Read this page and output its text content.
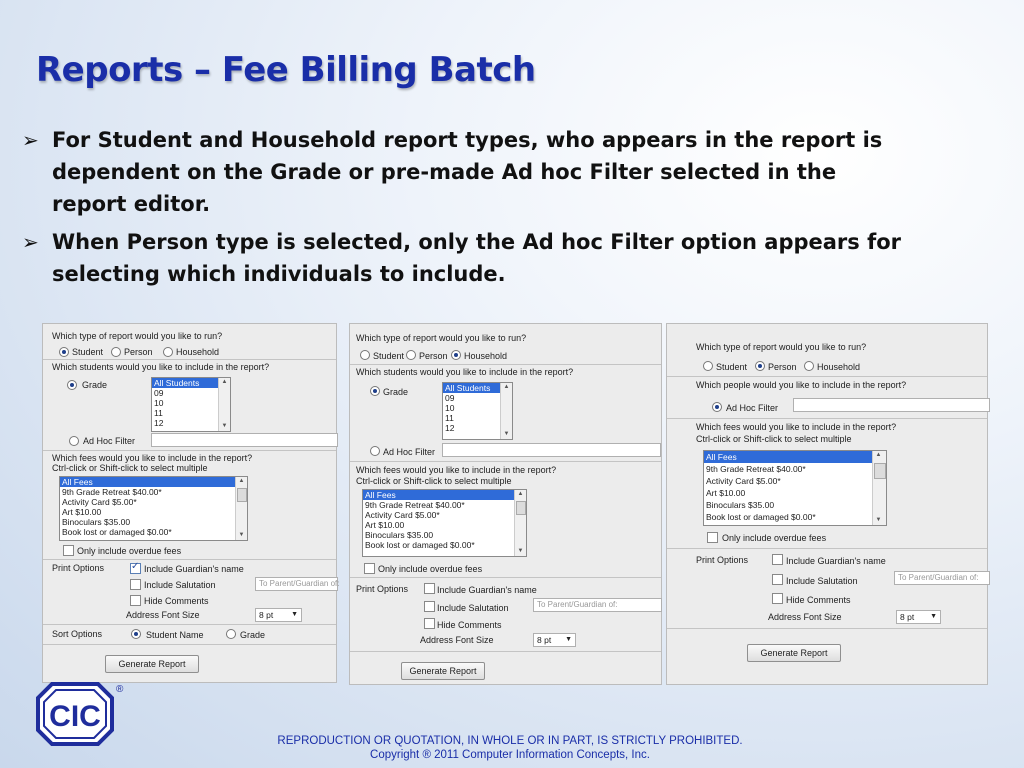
Reports – Fee Billing Batch
➢ For Student and Household report types, who appears in the report is dependent on the Grade or pre-made Ad hoc Filter selected in the report editor.
➢ When Person type is selected, only the Ad hoc Filter option appears for selecting which individuals to include.
Which type of report would you like to run?
Student Person	Household
Which students would you like to include in the report?
Grade	All Students
09
10
11
12
▲
▼
Ad Hoc Filter
Which fees would you like to include in the report?
Ctrl-click or Shift-click to select multiple
All Fees
9th Grade Retreat $40.00*
Activity Card $5.00*
Art $10.00
Binoculars $35.00
Book lost or damaged $0.00*
▲
▼
Only include overdue fees
Print Options
✓	Include Guardian's name
Include Salutation	To Parent/Guardian of:
Hide Comments
Address Font Size	8 pt	▼
Sort Options	Student Name	Grade
Generate Report
Which type of report would you like to run?
Student Person Household
Which students would you like to include in the report?
Grade	All Students
09
10
11
12
▲
▼
Ad Hoc Filter
Which fees would you like to include in the report?
Ctrl-click or Shift-click to select multiple
All Fees
9th Grade Retreat $40.00*
Activity Card $5.00*
Art $10.00
Binoculars $35.00
Book lost or damaged $0.00*
▲
▼
Only include overdue fees
Print Options	Include Guardian's name
Include Salutation	To Parent/Guardian of:
Hide Comments
Address Font Size	8 pt ▼
Generate Report
Which type of report would you like to run?
Student Person Household
Which people would you like to include in the report?
Ad Hoc Filter
Which fees would you like to include in the report?
Ctrl-click or Shift-click to select multiple
All Fees
9th Grade Retreat $40.00*
Activity Card $5.00*
Art $10.00
Binoculars $35.00
Book lost or damaged $0.00*
▲
▼
Only include overdue fees
Print Options	Include Guardian's name
Include Salutation	To Parent/Guardian of:
Hide Comments
Address Font Size	8 pt ▼
Generate Report
CIC
®
REPRODUCTION OR QUOTATION, IN WHOLE OR IN PART, IS STRICTLY PROHIBITED.
Copyright ® 2011 Computer Information Concepts, Inc.
